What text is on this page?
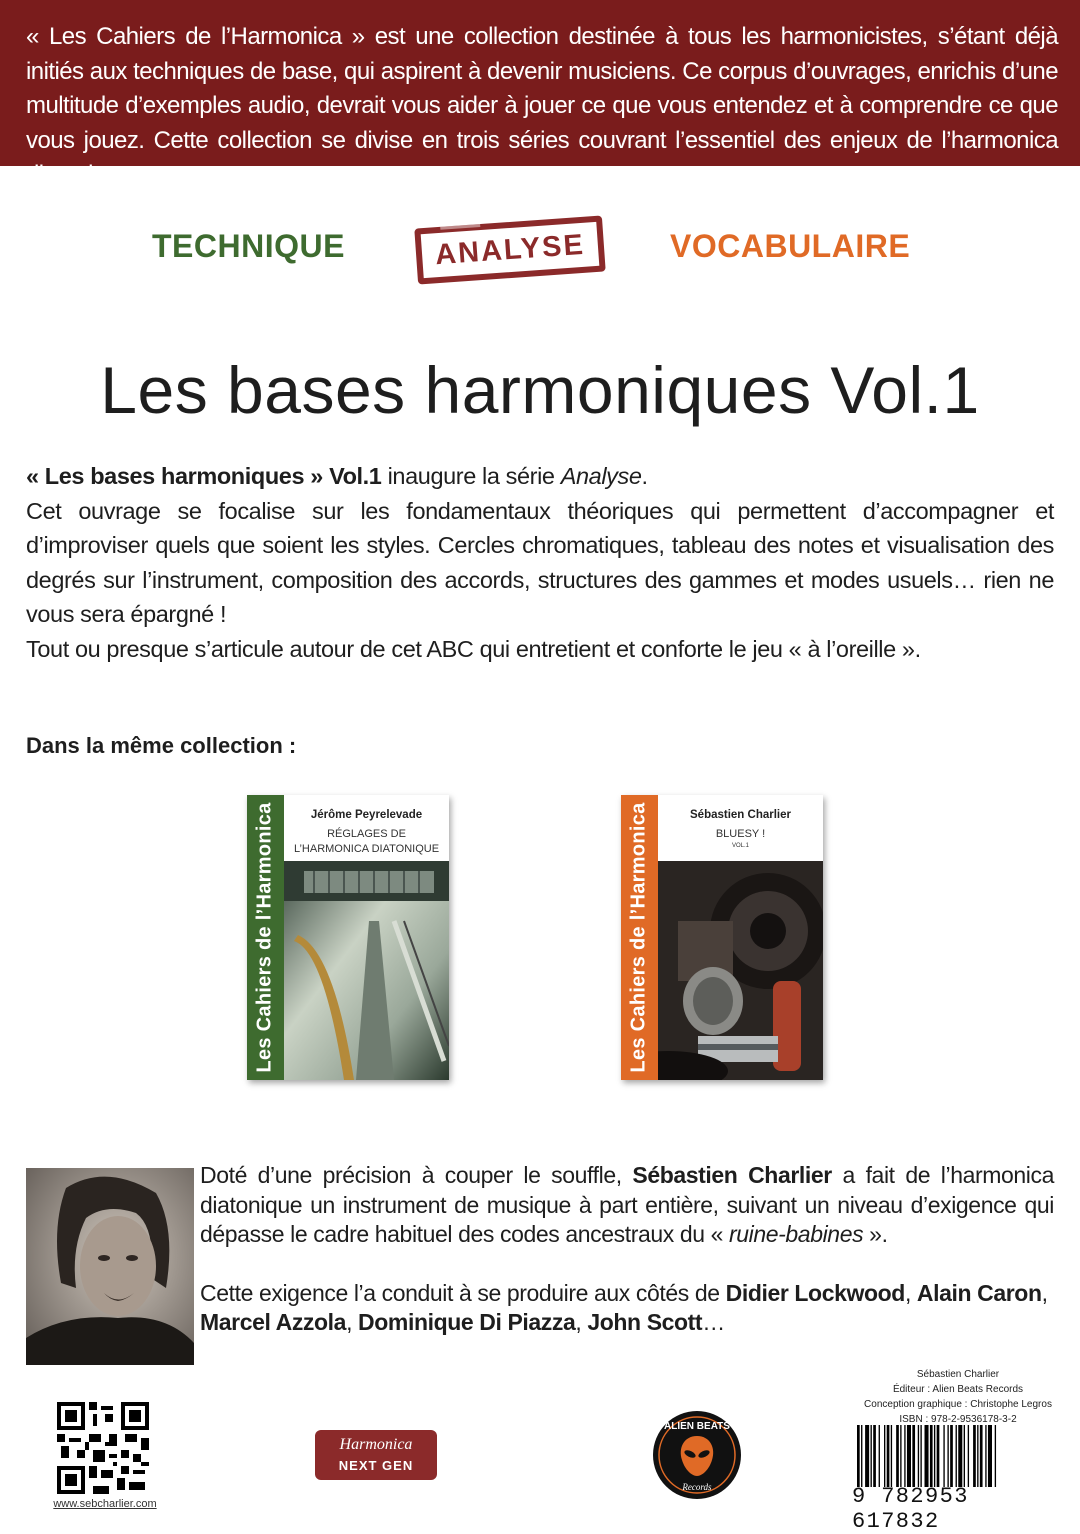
« Les Cahiers de l’Harmonica » est une collection destinée à tous les harmonicistes, s’étant déjà initiés aux techniques de base, qui aspirent à devenir musiciens. Ce corpus d’ouvrages, enrichis d’une multitude d’exemples audio, devrait vous aider à jouer ce que vous entendez et à comprendre ce que vous jouez. Cette collection se divise en trois séries couvrant l’essentiel des enjeux de l’harmonica diatonique :

TECHNIQUE	ANALYSE	VOCABULAIRE
Les bases harmoniques Vol.1
« Les bases harmoniques » Vol.1 inaugure la série Analyse.
Cet ouvrage se focalise sur les fondamentaux théoriques qui permettent d’accompagner et d’improviser quels que soient les styles. Cercles chromatiques, tableau des notes et visualisation des degrés sur l’instrument, composition des accords, structures des gammes et modes usuels… rien ne vous sera épargné !
Tout ou presque s’articule autour de cet ABC qui entretient et conforte le jeu « à l’oreille ».
Dans la même collection :
Les Cahiers de l’Harmonica	Jérôme Peyrelevade
RÉGLAGES DE
L’HARMONICA DIATONIQUE	Les Cahiers de l’Harmonica	Sébastien Charlier
BLUESY !
VOL.1

Doté d’une précision à couper le souffle, Sébastien Charlier a fait de l’harmonica diatonique un instrument de musique à part entière, suivant un niveau d’exigence qui dépasse le cadre habituel des codes ancestraux du « ruine-babines ».

Cette exigence l’a conduit à se produire aux côtés de Didier Lockwood, Alain Caron, Marcel Azzola, Dominique Di Piazza, John Scott…

Sébastien Charlier
Éditeur : Alien Beats Records
Conception graphique : Christophe Legros
ISBN : 978-2-9536178-3-2
www.sebcharlier.com
Harmonica
NEXT GEN
ALIEN BEATS
Records	9 782953 617832
